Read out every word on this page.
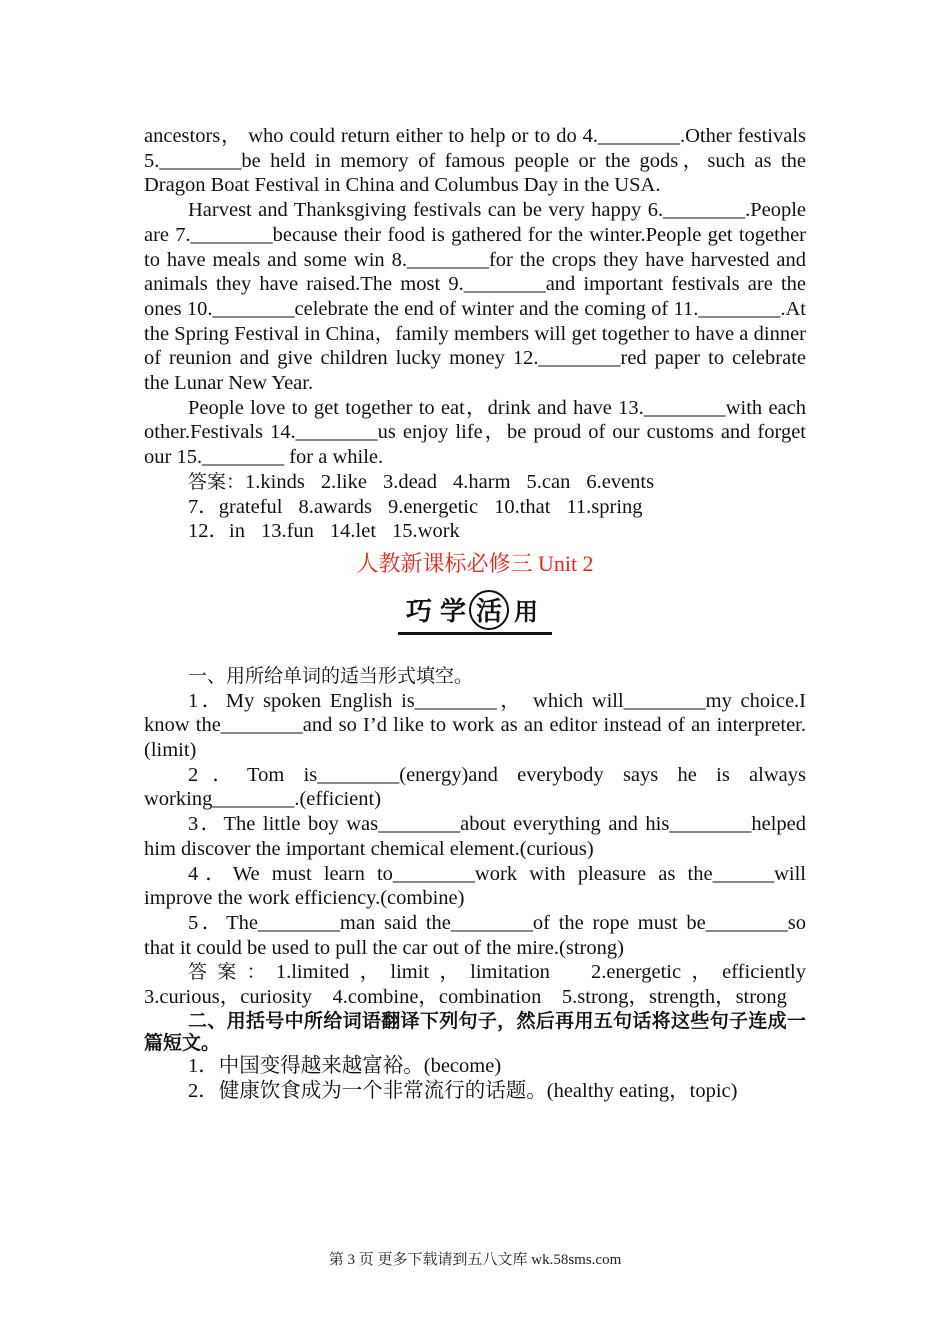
ancestors， who could return either to help or to do 4.________.Other festivals 5.________be held in memory of famous people or the gods，such as the Dragon Boat Festival in China and Columbus Day in the USA.

Harvest and Thanksgiving festivals can be very happy 6.________.People are 7.________because their food is gathered for the winter.People get together to have meals and some win 8.________for the crops they have harvested and animals they have raised.The most 9.________and important festivals are the ones 10.________celebrate the end of winter and the coming of 11.________.At the Spring Festival in China，family members will get together to have a dinner of reunion and give children lucky money 12.________red paper to celebrate the Lunar New Year.

People love to get together to eat，drink and have 13.________with each other.Festivals 14.________us enjoy life，be proud of our customs and forget our 15.________ for a while.

答案：1.kinds 2.like 3.dead 4.harm 5.can 6.events
7．grateful 8.awards 9.energetic 10.that 11.spring
12．in 13.fun 14.let 15.work
人教新课标必修三 Unit 2
巧 学 活 用

一、用所给单词的适当形式填空。

1．My spoken English is________， which will________my choice.I know the________and so I’d like to work as an editor instead of an interpreter.(limit)

2．Tom is________(energy)and everybody says he is always working________.(efficient)

3．The little boy was________about everything and his________helped him discover the important chemical element.(curious)

4．We must learn to________work with pleasure as the______will improve the work efficiency.(combine)

5．The________man said the________of the rope must be________so that it could be used to pull the car out of the mire.(strong)

答案：1.limited，limit，limitation　2.energetic，efficiently　3.curious，curiosity　4.combine，combination　5.strong，strength，strong

二、用括号中所给词语翻译下列句子，然后再用五句话将这些句子连成一篇短文。

1．中国变得越来越富裕。(become)

2．健康饮食成为一个非常流行的话题。(healthy eating，topic)

第 3 页 更多下载请到五八文库 wk.58sms.com
